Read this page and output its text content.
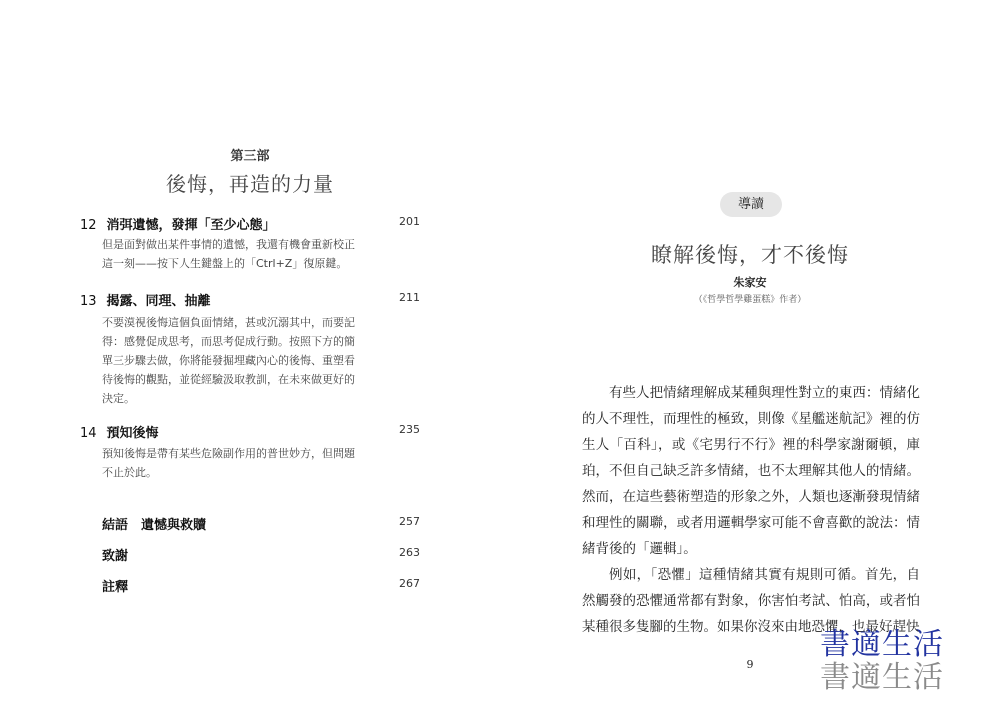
第三部
後悔，再造的力量
12 消弭遺憾，發揮「至少心態」	201
但是面對做出某件事情的遺憾，我還有機會重新校正
這一刻——按下人生鍵盤上的「Ctrl+Z」復原鍵。
13 揭露、同理、抽離	211
不要漠視後悔這個負面情緒，甚或沉溺其中，而要記
得：感覺促成思考，而思考促成行動。按照下方的簡
單三步驟去做，你將能發掘埋藏內心的後悔、重塑看
待後悔的觀點，並從經驗汲取教訓，在未來做更好的
決定。
14 預知後悔	235
預知後悔是帶有某些危險副作用的普世妙方，但問題
不止於此。
結語　遺憾與救贖	257
致謝	263
註釋	267
導讀
瞭解後悔，才不後悔
朱家安
（《哲學哲學雞蛋糕》作者）

有些人把情緒理解成某種與理性對立的東西：情緒化的人不理性，而理性的極致，則像《星艦迷航記》裡的仿生人「百科」，或《宅男行不行》裡的科學家謝爾頓，庫珀，不但自己缺乏許多情緒，也不太理解其他人的情緒。然而，在這些藝術塑造的形象之外，人類也逐漸發現情緒和理性的關聯，或者用邏輯學家可能不會喜歡的說法：情緒背後的「邏輯」。

例如，「恐懼」這種情緒其實有規則可循。首先，自然觸發的恐懼通常都有對象，你害怕考試、怕高，或者怕某種很多隻腳的生物。如果你沒來由地恐懼，也最好趕快

9
書適生活
書適生活
